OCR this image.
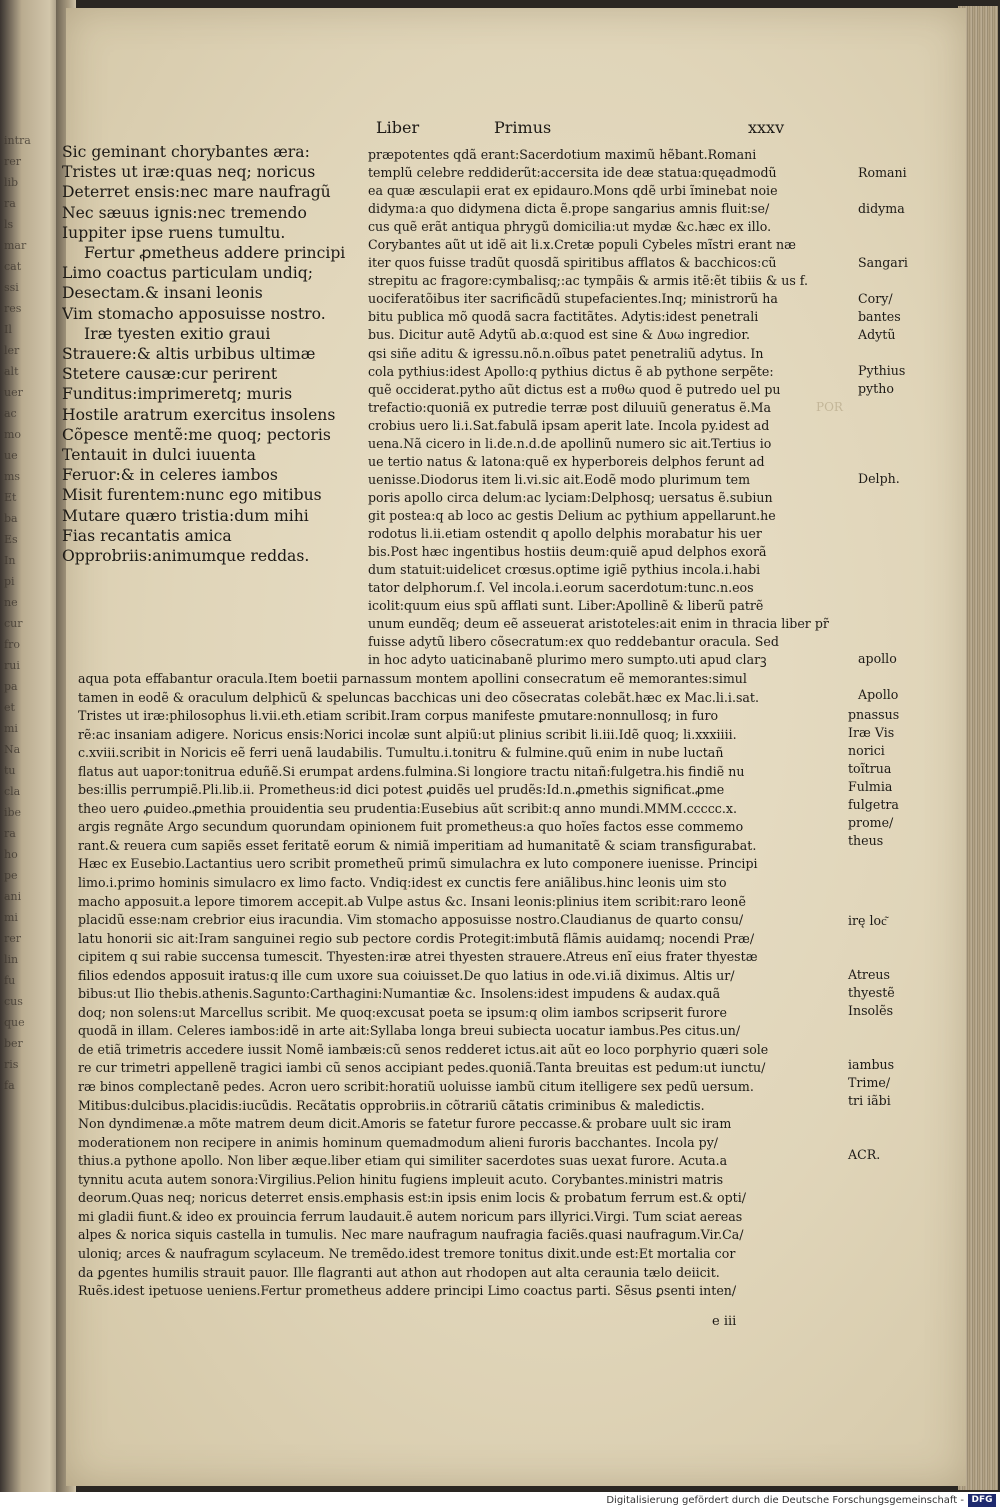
intra
rer
lib
ra
ls
mar
cat
ssi
res
Il
ler
alt
uer
ac
mo
ue
ms
Et
ba
Es
In
pi
ne
cur
fro
rui
pa
et
mi
Na
tu
cla
ibe
ra
ho
pe
ani
mi
rer
lin
fu
cus
que
ber
ris
fa
Liber	Primus	xxxv
POR
Sic geminant chorybantes æra:
Tristes ut iræ:quas neq; noricus
Deterret ensis:nec mare naufragũ
Nec sæuus ignis:nec tremendo
Iuppiter ipse ruens tumultu.
Fertur ꝓmetheus addere principi
Limo coactus particulam undiq;
Desectam.& insani leonis
Vim stomacho apposuisse nostro.
Iræ tyesten exitio graui
Strauere:& altis urbibus ultimæ
Stetere causæ:cur perirent
Funditus:imprimeretq; muris
Hostile aratrum exercitus insolens
Cõpesce mentẽ:me quoq; pectoris
Tentauit in dulci iuuenta
Feruor:& in celeres iambos
Misit furentem:nunc ego mitibus
Mutare quæro tristia:dum mihi
Fias recantatis amica
Opprobriis:animumque reddas.
præpotentes qdã erant:Sacerdotium maximũ hẽbant.Romani
templũ celebre reddiderũt:accersita ide deæ statua:quęadmodũ
ea quæ æsculapii erat ex epidauro.Mons qdẽ urbi ĩminebat noie
didyma:a quo didymena dicta ẽ.prope sangarius amnis fluit:se/
cus quẽ erãt antiqua phrygũ domicilia:ut mydæ &c.hæc ex illo.
Corybantes aũt ut idẽ ait li.x.Cretæ populi Cybeles mĩstri erant næ
iter quos fuisse tradũt quosdã spiritibus afflatos & bacchicos:cũ
strepitu ac fragore:cymbalisq;:ac tympãis & armis itẽ:ẽt tibiis & us f.
uociferatõibus iter sacrificãdũ stupefacientes.Inq; ministrorũ ha
bitu publica mõ quodã sacra factitãtes. Adytis:idest penetrali
bus. Dicitur autẽ Adytũ ab.α:quod est sine & Δυω ingredior.
qsi siñe aditu & igressu.nõ.n.oĩbus patet penetraliũ adytus. In
cola pythius:idest Apollo:q pythius dictus ẽ ab pythone serpẽte:
quẽ occiderat.pytho aũt dictus est a πυθω quod ẽ putredo uel pu
trefactio:quoniã ex putredie terræ post diluuiũ generatus ẽ.Ma
crobius uero li.i.Sat.fabulã ipsam aperit late. Incola py.idest ad
uena.Nã cicero in li.de.n.d.de apollinũ numero sic ait.Tertius io
ue tertio natus & latona:quẽ ex hyperboreis delphos ferunt ad
uenisse.Diodorus item li.vi.sic ait.Eodẽ modo plurimum tem
poris apollo circa delum:ac lyciam:Delphosq; uersatus ẽ.subiun
git postea:q ab loco ac gestis Delium ac pythium appellarunt.he
rodotus li.ii.etiam ostendit q apollo delphis morabatur his uer
bis.Post hæc ingentibus hostiis deum:quiẽ apud delphos exorã
dum statuit:uidelicet crœsus.optime igiẽ pythius incola.i.habi
tator delphorum.ſ. Vel incola.i.eorum sacerdotum:tunc.n.eos
icolit:quum eius spũ afflati sunt. Liber:Apollinẽ & liberũ patrẽ
unum eundẽq; deum eẽ asseuerat aristoteles:ait enim in thracia liber pr̃
fuisse adytũ libero cõsecratum:ex quo reddebantur oracula. Sed
in hoc adyto uaticinabanẽ plurimo mero sumpto.uti apud clarꝫ
aqua pota effabantur oracula.Item boetii parnassum montem apollini consecratum eẽ memorantes:simul
tamen in eodẽ & oraculum delphicũ & speluncas bacchicas uni deo cõsecratas colebãt.hæc ex Mac.li.i.sat.
Tristes ut iræ:philosophus li.vii.eth.etiam scribit.Iram corpus manifeste ꝑmutare:nonnullosq; in furo
rẽ:ac insaniam adigere. Noricus ensis:Norici incolæ sunt alpiũ:ut plinius scribit li.iii.Idẽ quoq; li.xxxiiii.
c.xviii.scribit in Noricis eẽ ferri uenã laudabilis. Tumultu.i.tonitru & fulmine.quũ enim in nube luctañ
flatus aut uapor:tonitrua eduñẽ.Si erumpat ardens.fulmina.Si longiore tractu nitañ:fulgetra.his findiẽ nu
bes:illis perrumpiẽ.Pli.lib.ii. Prometheus:id dici potest ꝓuidẽs uel prudẽs:Id.n.ꝓmethis significat.ꝓme
theo uero ꝓuideo.ꝓmethia prouidentia seu prudentia:Eusebius aũt scribit:q anno mundi.MMM.ccccc.x.
argis regnãte Argo secundum quorundam opinionem fuit prometheus:a quo hoĩes factos esse commemo
rant.& reuera cum sapiẽs esset feritatẽ eorum & nimiã imperitiam ad humanitatẽ & sciam transfigurabat.
Hæc ex Eusebio.Lactantius uero scribit prometheũ primũ simulachra ex luto componere iuenisse. Principi
limo.i.primo hominis simulacro ex limo facto. Vndiq:idest ex cunctis fere aniãlibus.hinc leonis uim sto
macho apposuit.a lepore timorem accepit.ab Vulpe astus &c. Insani leonis:plinius item scribit:raro leonẽ
placidũ esse:nam crebrior eius iracundia. Vim stomacho apposuisse nostro.Claudianus de quarto consu/
latu honorii sic ait:Iram sanguinei regio sub pectore cordis Protegit:imbutã flãmis auidamq; nocendi Præ/
cipitem q sui rabie succensa tumescit. Thyesten:iræ atrei thyesten strauere.Atreus enĩ eius frater thyestæ
filios edendos apposuit iratus:q ille cum uxore sua coiuisset.De quo latius in ode.vi.iã diximus. Altis ur/
bibus:ut Ilio thebis.athenis.Sagunto:Carthagini:Numantiæ &c. Insolens:idest impudens & audax.quã
doq; non solens:ut Marcellus scribit. Me quoq:excusat poeta se ipsum:q olim iambos scripserit furore
quodã in illam. Celeres iambos:idẽ in arte ait:Syllaba longa breui subiecta uocatur iambus.Pes citus.un/
de etiã trimetris accedere iussit Nomẽ iambæis:cũ senos redderet ictus.ait aũt eo loco porphyrio quæri sole
re cur trimetri appellenẽ tragici iambi cũ senos accipiant pedes.quoniã.Tanta breuitas est pedum:ut iunctu/
ræ binos complectanẽ pedes. Acron uero scribit:horatiũ uoluisse iambũ citum itelligere sex pedũ uersum.
Mitibus:dulcibus.placidis:iucũdis. Recãtatis opprobriis.in cõtrariũ cãtatis criminibus & maledictis.
Non dyndimenæ.a mõte matrem deum dicit.Amoris se fatetur furore peccasse.& probare uult sic iram
moderationem non recipere in animis hominum quemadmodum alieni furoris bacchantes. Incola py/
thius.a pythone apollo. Non liber æque.liber etiam qui similiter sacerdotes suas uexat furore. Acuta.a
tynnitu acuta autem sonora:Virgilius.Pelion hinitu fugiens impleuit acuto. Corybantes.ministri matris
deorum.Quas neq; noricus deterret ensis.emphasis est:in ipsis enim locis & probatum ferrum est.& opti/
mi gladii fiunt.& ideo ex prouincia ferrum laudauit.ẽ autem noricum pars illyrici.Virgi. Tum sciat aereas
alpes & norica siquis castella in tumulis. Nec mare naufragum naufragia faciẽs.quasi naufragum.Vir.Ca/
uloniq; arces & naufragum scylaceum. Ne tremẽdo.idest tremore tonitus dixit.unde est:Et mortalia cor
da ꝑgentes humilis strauit pauor. Ille flagranti aut athon aut rhodopen aut alta ceraunia tælo deiicit.
Ruẽs.idest ipetuose ueniens.Fertur prometheus addere principi Limo coactus parti. Sẽsus ꝑsenti inten/
Romani
didyma
Sangari
Cory/
bantes
Adytũ
Pythius
pytho
Delph.
apollo
Apollo
pnassus
Iræ Vis
norici
toĩtrua
Fulmia
fulgetra
prome/
theus
irę loc͂
Atreus
thyestẽ
Insolẽs
iambus
Trime/
tri iãbi
ACR.
e iii
Digitalisierung gefördert durch die Deutsche Forschungsgemeinschaft - DFG
